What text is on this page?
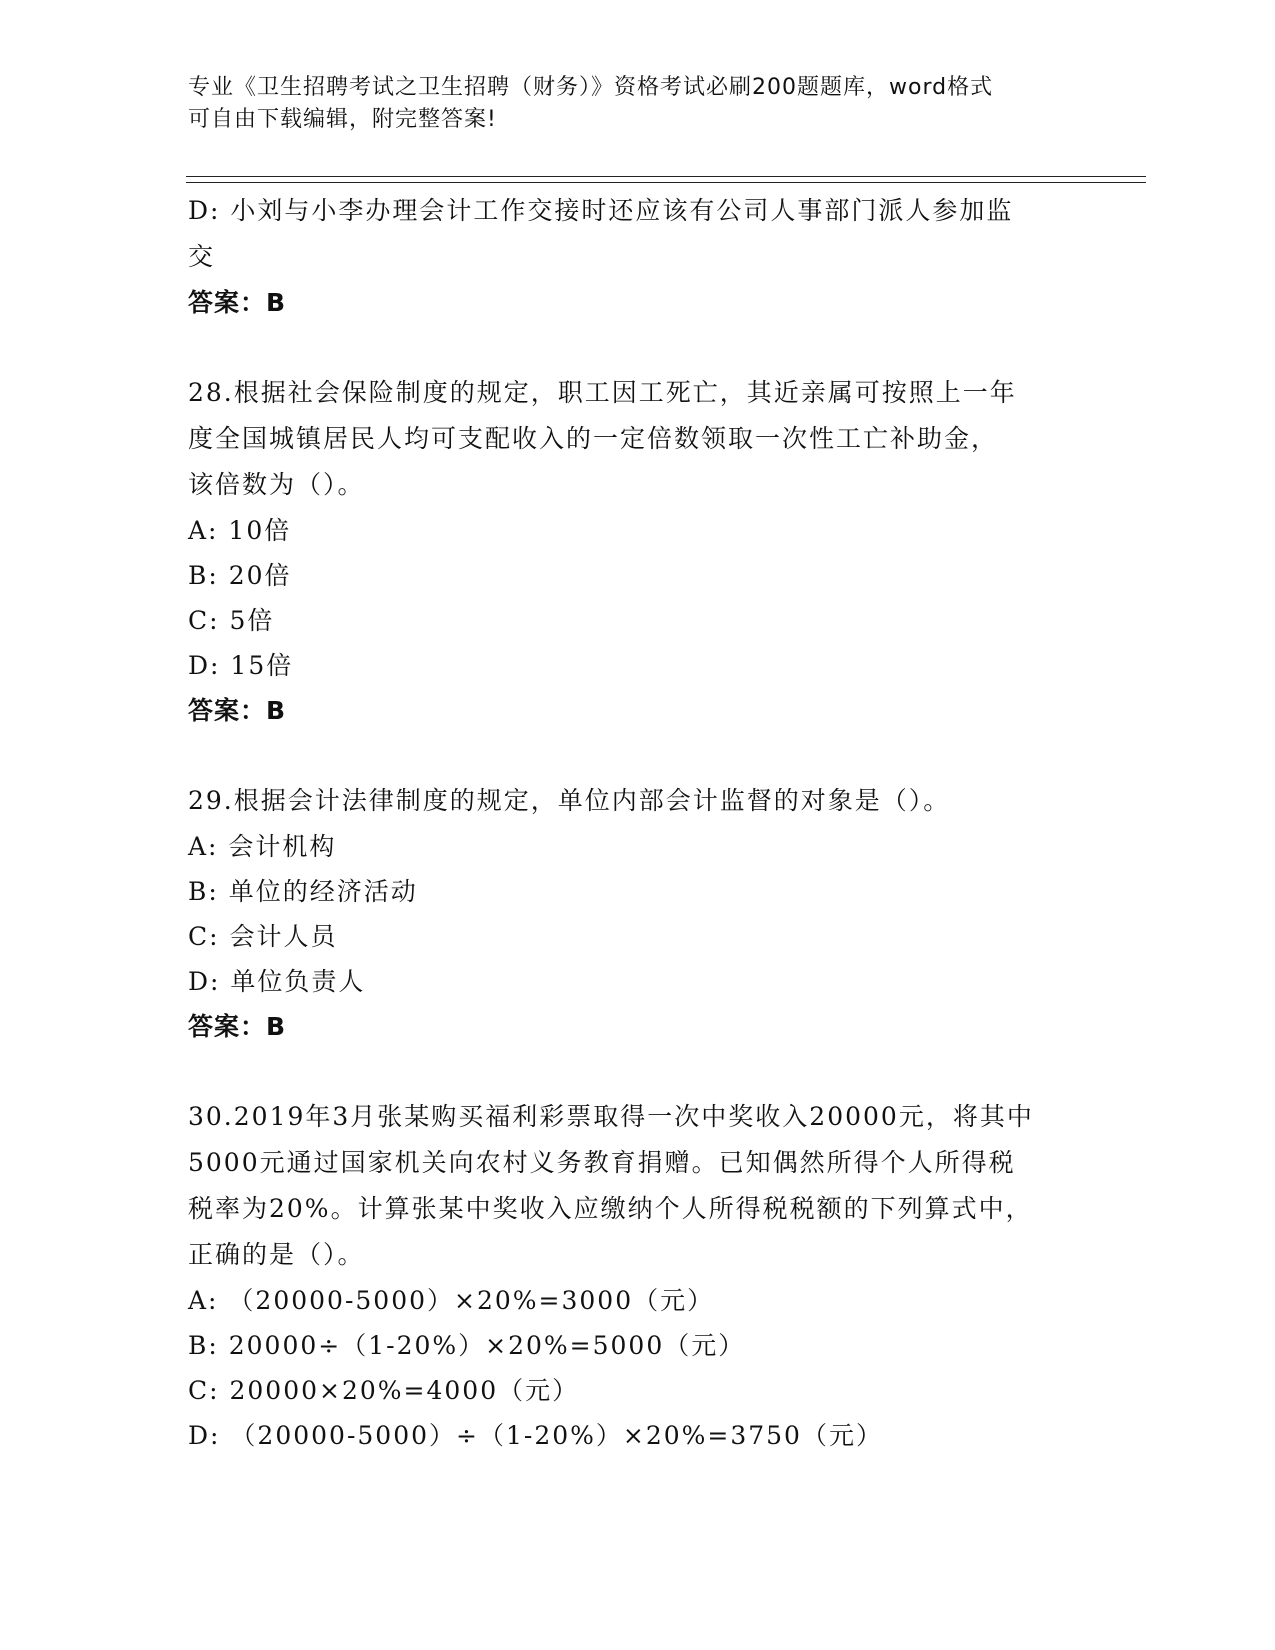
专业《卫生招聘考试之卫生招聘（财务）》资格考试必刷200题题库，word格式
可自由下载编辑，附完整答案!
D: 小刘与小李办理会计工作交接时还应该有公司人事部门派人参加监
交
答案：B
28.根据社会保险制度的规定，职工因工死亡，其近亲属可按照上一年
度全国城镇居民人均可支配收入的一定倍数领取一次性工亡补助金，
该倍数为（）。
A: 10倍
B: 20倍
C: 5倍
D: 15倍
答案：B
29.根据会计法律制度的规定，单位内部会计监督的对象是（）。
A: 会计机构
B: 单位的经济活动
C: 会计人员
D: 单位负责人
答案：B
30.2019年3月张某购买福利彩票取得一次中奖收入20000元，将其中
5000元通过国家机关向农村义务教育捐赠。已知偶然所得个人所得税
税率为20%。计算张某中奖收入应缴纳个人所得税税额的下列算式中，
正确的是（）。
A: （20000-5000）×20%=3000（元）
B: 20000÷（1-20%）×20%=5000（元）
C: 20000×20%=4000（元）
D: （20000-5000）÷（1-20%）×20%=3750（元）
